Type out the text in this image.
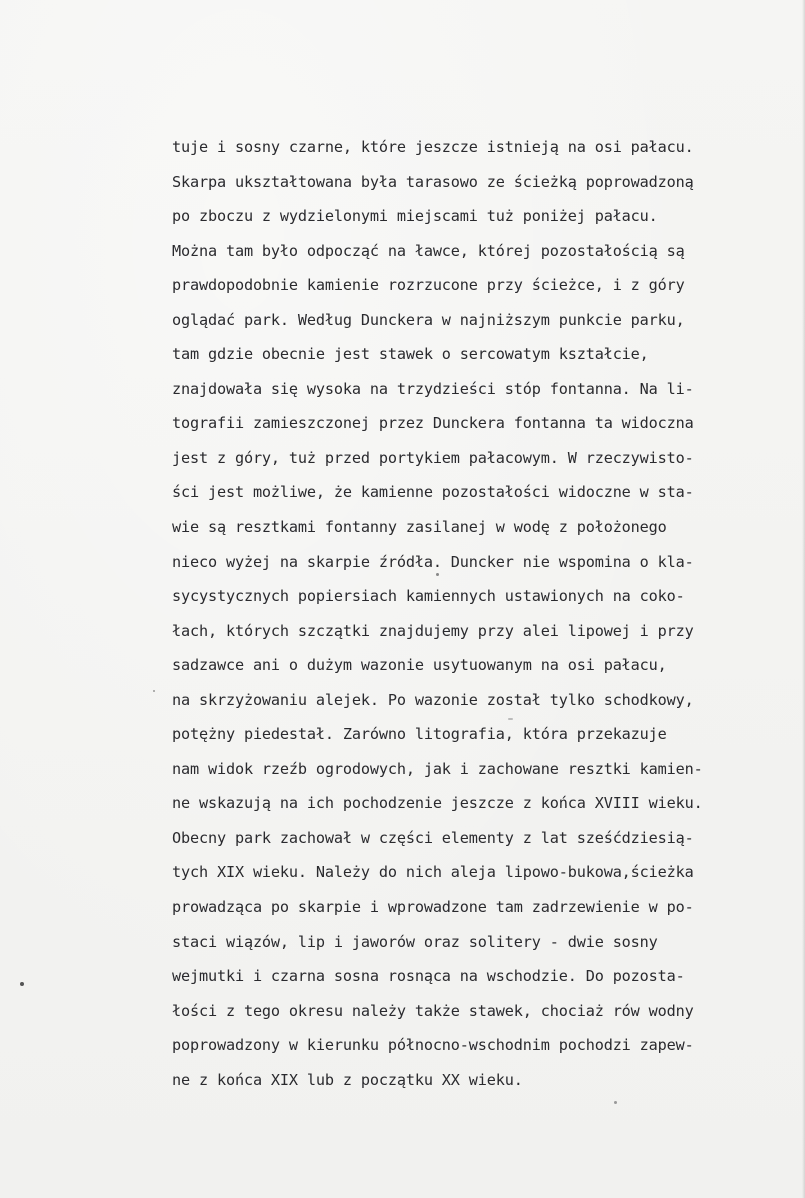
tuje i sosny czarne, które jeszcze istnieją na osi pałacu.
Skarpa ukształtowana była tarasowo ze ścieżką poprowadzoną
po zboczu z wydzielonymi miejscami tuż poniżej pałacu.
Można tam było odpocząć na ławce, której pozostałością są
prawdopodobnie kamienie rozrzucone przy ścieżce, i z góry
oglądać park. Według Dunckera w najniższym punkcie parku,
tam gdzie obecnie jest stawek o sercowatym kształcie,
znajdowała się wysoka na trzydzieści stóp fontanna. Na li-
tografii zamieszczonej przez Dunckera fontanna ta widoczna
jest z góry, tuż przed portykiem pałacowym. W rzeczywisto-
ści jest możliwe, że kamienne pozostałości widoczne w sta-
wie są resztkami fontanny zasilanej w wodę z położonego
nieco wyżej na skarpie źródła. Duncker nie wspomina o kla-
sycystycznych popiersiach kamiennych ustawionych na coko-
łach, których szczątki znajdujemy przy alei lipowej i przy
sadzawce ani o dużym wazonie usytuowanym na osi pałacu,
na skrzyżowaniu alejek. Po wazonie został tylko schodkowy,
potężny piedestał. Zarówno litografia, która przekazuje
nam widok rzeźb ogrodowych, jak i zachowane resztki kamien-
ne wskazują na ich pochodzenie jeszcze z końca XVIII wieku.
Obecny park zachował w części elementy z lat sześćdziesią-
tych XIX wieku. Należy do nich aleja lipowo-bukowa,ścieżka
prowadząca po skarpie i wprowadzone tam zadrzewienie w po-
staci wiązów, lip i jaworów oraz solitery - dwie sosny
wejmutki i czarna sosna rosnąca na wschodzie. Do pozosta-
łości z tego okresu należy także stawek, chociaż rów wodny
poprowadzony w kierunku północno-wschodnim pochodzi zapew-
ne z końca XIX lub z początku XX wieku.
